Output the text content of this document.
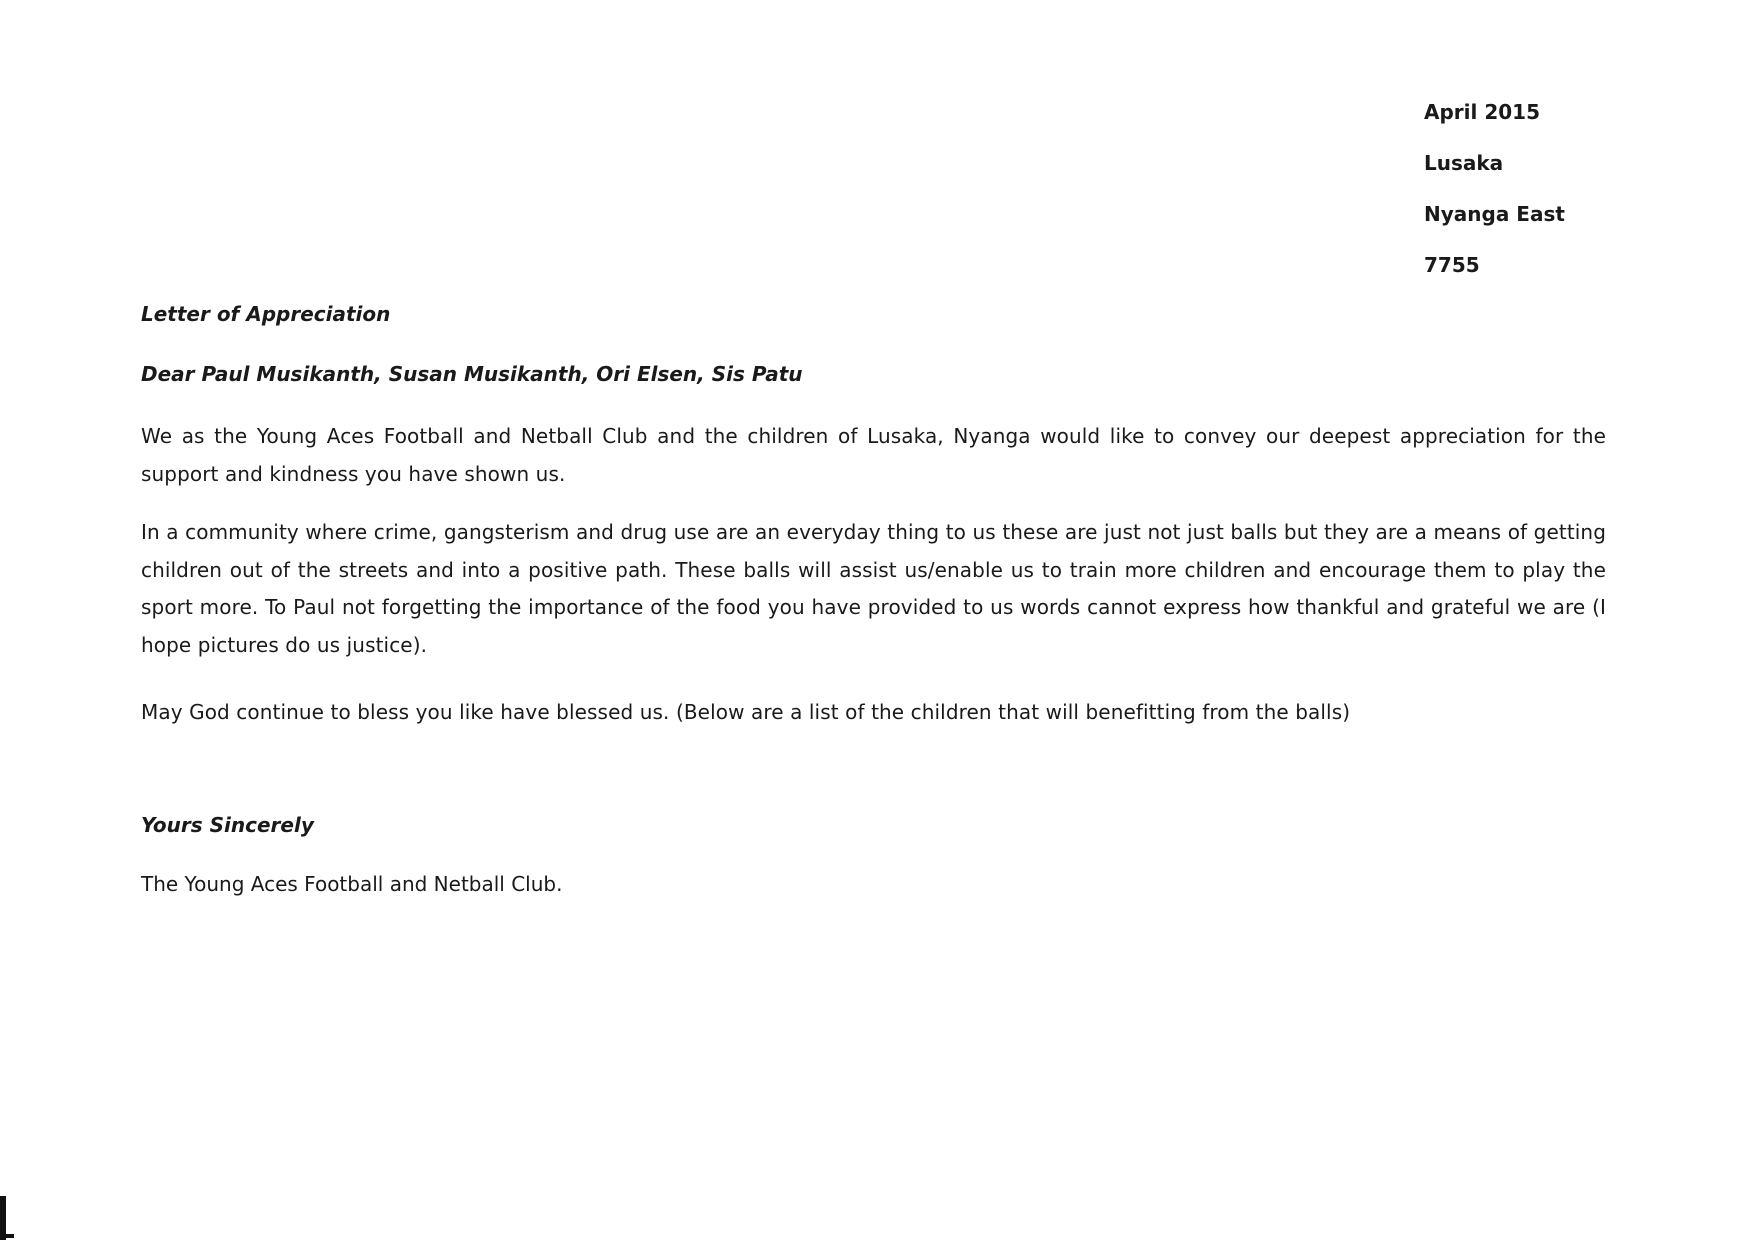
April 2015
Lusaka
Nyanga East
7755
Letter of Appreciation
Dear Paul Musikanth, Susan Musikanth, Ori Elsen, Sis Patu
We as the Young Aces Football and Netball Club and the children of Lusaka, Nyanga would like to convey our deepest appreciation for the support and kindness you have shown us.
In a community where crime, gangsterism and drug use are an everyday thing to us these are just not just balls but they are a means of getting children out of the streets and into a positive path. These balls will assist us/enable us to train more children and encourage them to play the sport more. To Paul not forgetting the importance of the food you have provided to us words cannot express how thankful and grateful we are (I hope pictures do us justice).
May God continue to bless you like have blessed us. (Below are a list of the children that will benefitting from the balls)
Yours Sincerely
The Young Aces Football and Netball Club.
